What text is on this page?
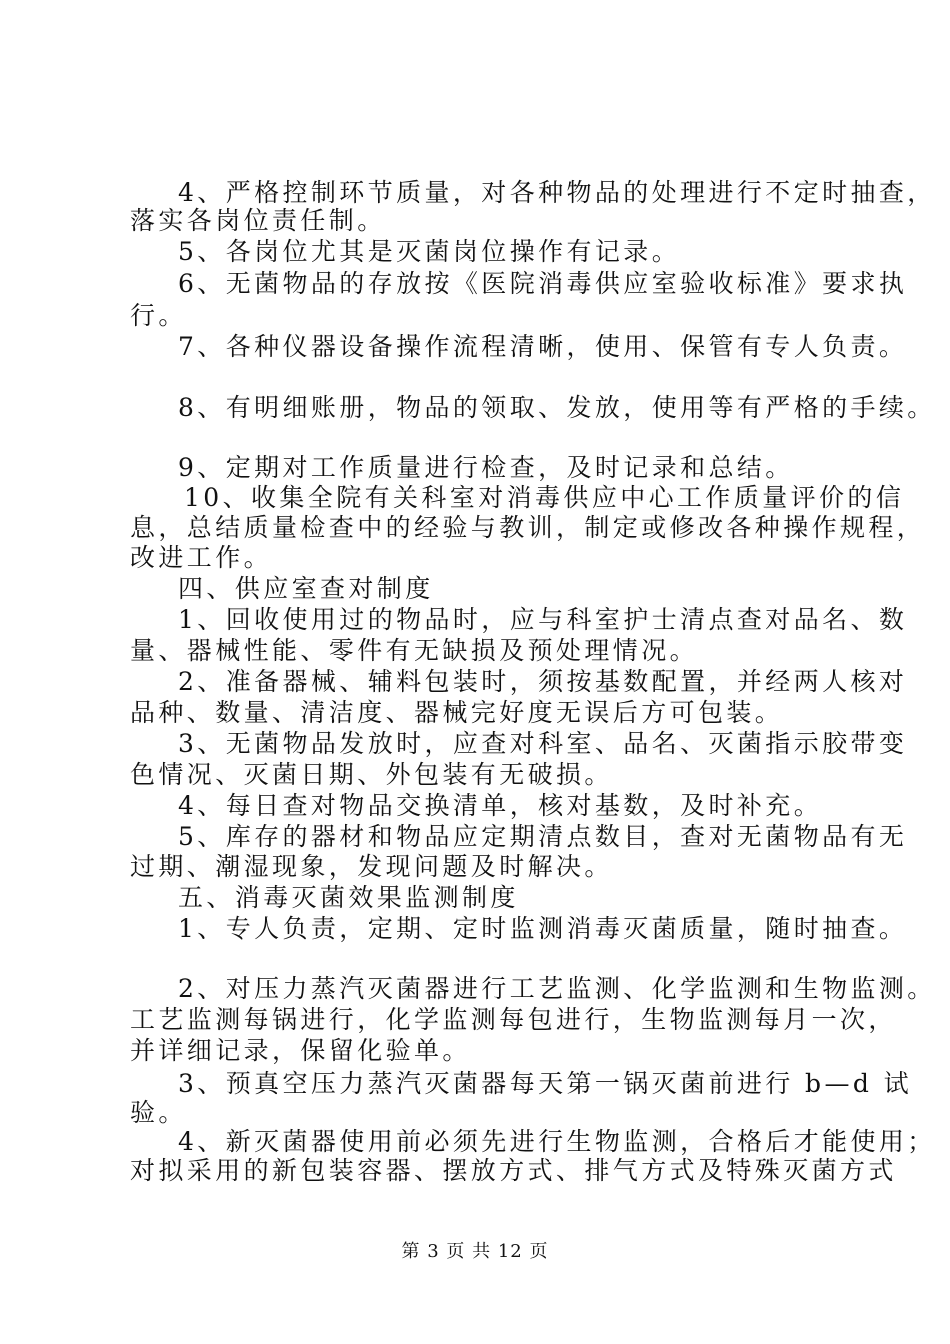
4、严格控制环节质量，对各种物品的处理进行不定时抽查，
落实各岗位责任制。
5、各岗位尤其是灭菌岗位操作有记录。
6、无菌物品的存放按《医院消毒供应室验收标准》要求执
行。
7、各种仪器设备操作流程清晰，使用、保管有专人负责。
8、有明细账册，物品的领取、发放，使用等有严格的手续。
9、定期对工作质量进行检查，及时记录和总结。
10、收集全院有关科室对消毒供应中心工作质量评价的信
息，总结质量检查中的经验与教训，制定或修改各种操作规程，
改进工作。
四、供应室查对制度
1、回收使用过的物品时，应与科室护士清点查对品名、数
量、器械性能、零件有无缺损及预处理情况。
2、准备器械、辅料包装时，须按基数配置，并经两人核对
品种、数量、清洁度、器械完好度无误后方可包装。
3、无菌物品发放时，应查对科室、品名、灭菌指示胶带变
色情况、灭菌日期、外包装有无破损。
4、每日查对物品交换清单，核对基数，及时补充。
5、库存的器材和物品应定期清点数目，查对无菌物品有无
过期、潮湿现象，发现问题及时解决。
五、消毒灭菌效果监测制度
1、专人负责，定期、定时监测消毒灭菌质量，随时抽查。
2、对压力蒸汽灭菌器进行工艺监测、化学监测和生物监测。
工艺监测每锅进行，化学监测每包进行，生物监测每月一次，
并详细记录，保留化验单。
3、预真空压力蒸汽灭菌器每天第一锅灭菌前进行 b—d 试
验。
4、新灭菌器使用前必须先进行生物监测，合格后才能使用；
对拟采用的新包装容器、摆放方式、排气方式及特殊灭菌方式
第 3 页 共 12 页
